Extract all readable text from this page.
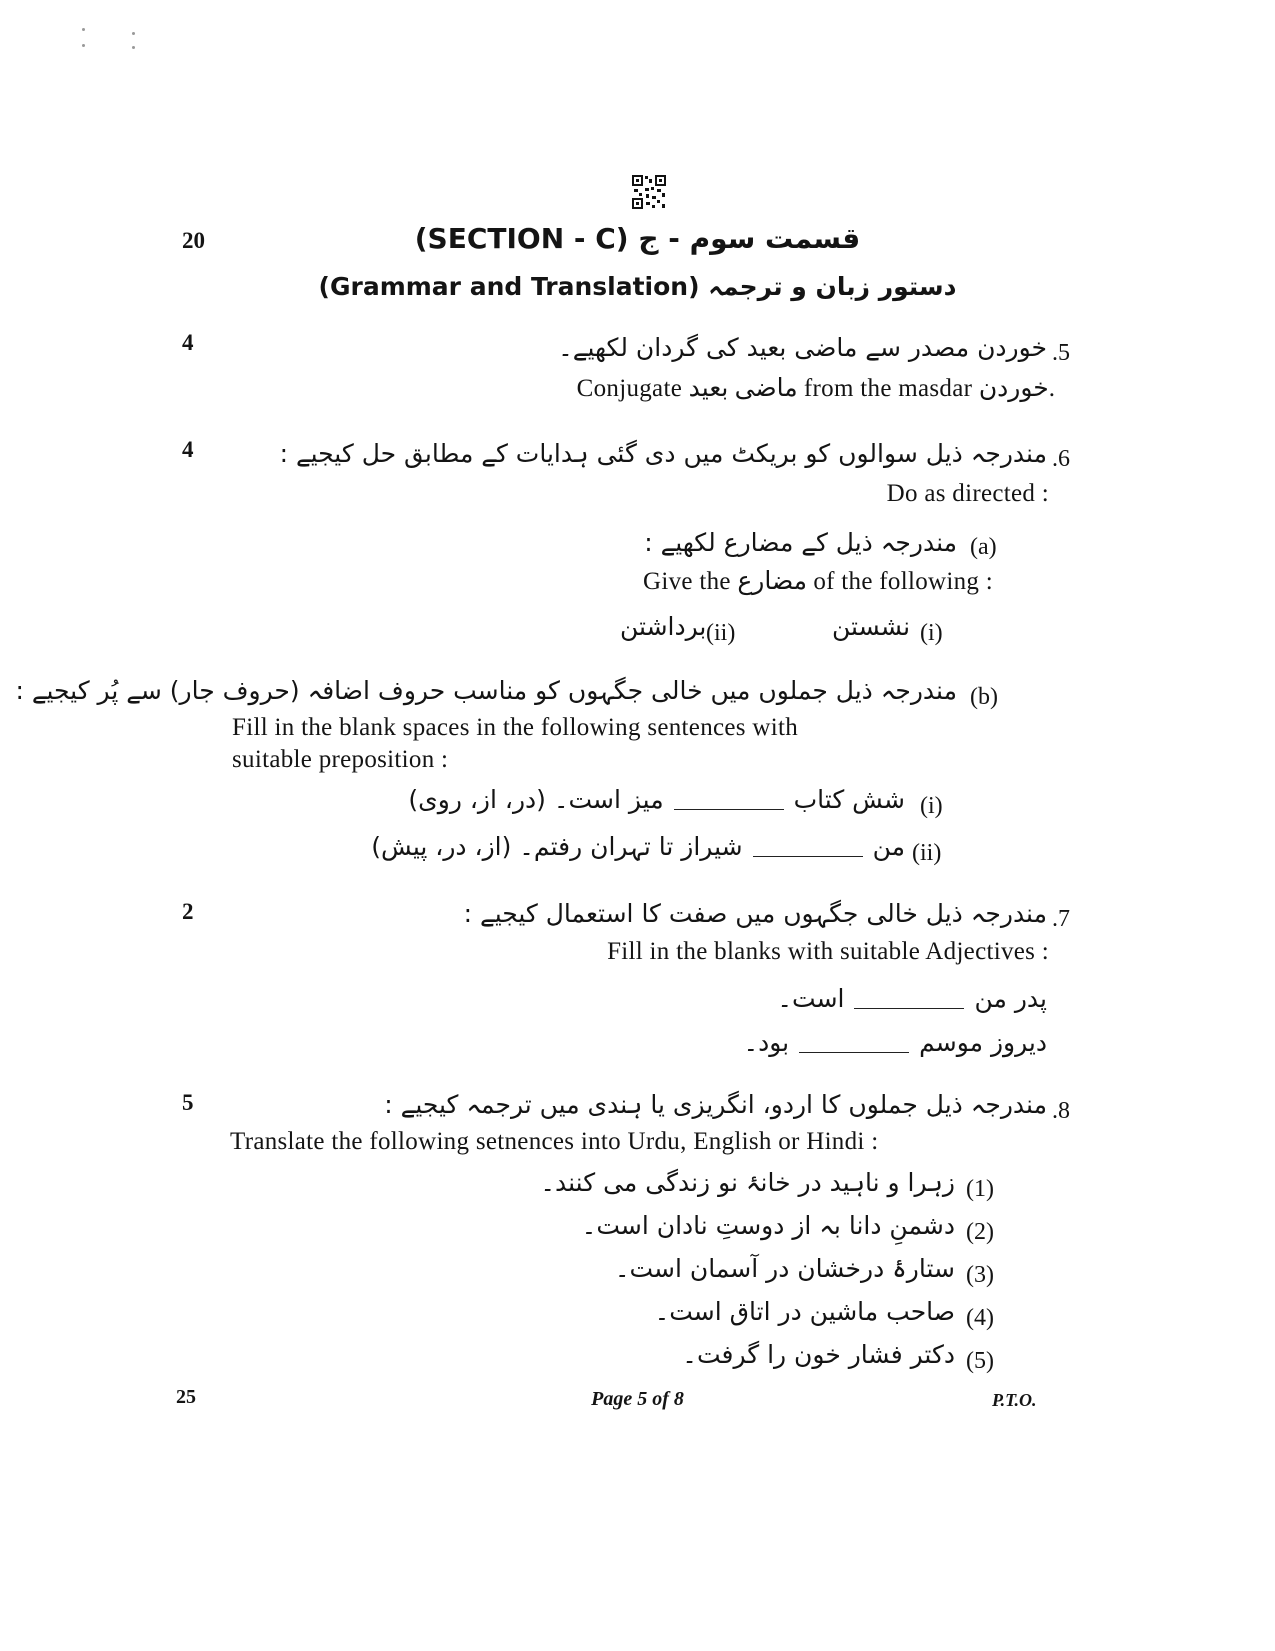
20	(SECTION - C) قسمت سوم - ج
(Grammar and Translation) دستور زبان و ترجمہ
4	.5
خوردن مصدر سے ماضی بعید کی گردان لکھیے۔
Conjugate ماضی بعید from the masdar خوردن.
4	.6
مندرجہ ذیل سوالوں کو بریکٹ میں دی گئی ہدایات کے مطابق حل کیجیے :
Do as directed :
(a)
مندرجہ ذیل کے مضارع لکھیے :
Give the مضارع of the following :
(i)
نشستن
(ii)
برداشتن
(b)
مندرجہ ذیل جملوں میں خالی جگہوں کو مناسب حروف اضافہ (حروف جار) سے پُر کیجیے :
Fill in the blank spaces in the following sentences with
suitable preposition :
(i)
شش کتابمیز است۔ (در، از، روی)
(ii)
منشیراز تا تہران رفتم۔ (از، در، پیش)
2	.7
مندرجہ ذیل خالی جگہوں میں صفت کا استعمال کیجیے :
Fill in the blanks with suitable Adjectives :
پدر مناست۔
دیروز موسمبود۔
5	.8
مندرجہ ذیل جملوں کا اردو، انگریزی یا ہندی میں ترجمہ کیجیے :
Translate the following setnences into Urdu, English or Hindi :
(1)
زہرا و ناہید در خانۂ نو زندگی می کنند۔
(2)
دشمنِ دانا بہ از دوستِ نادان است۔
(3)
ستارۂ درخشان در آسمان است۔
(4)
صاحب ماشین در اتاق است۔
(5)
دکتر فشار خون را گرفت۔
25	Page 5 of 8	P.T.O.
